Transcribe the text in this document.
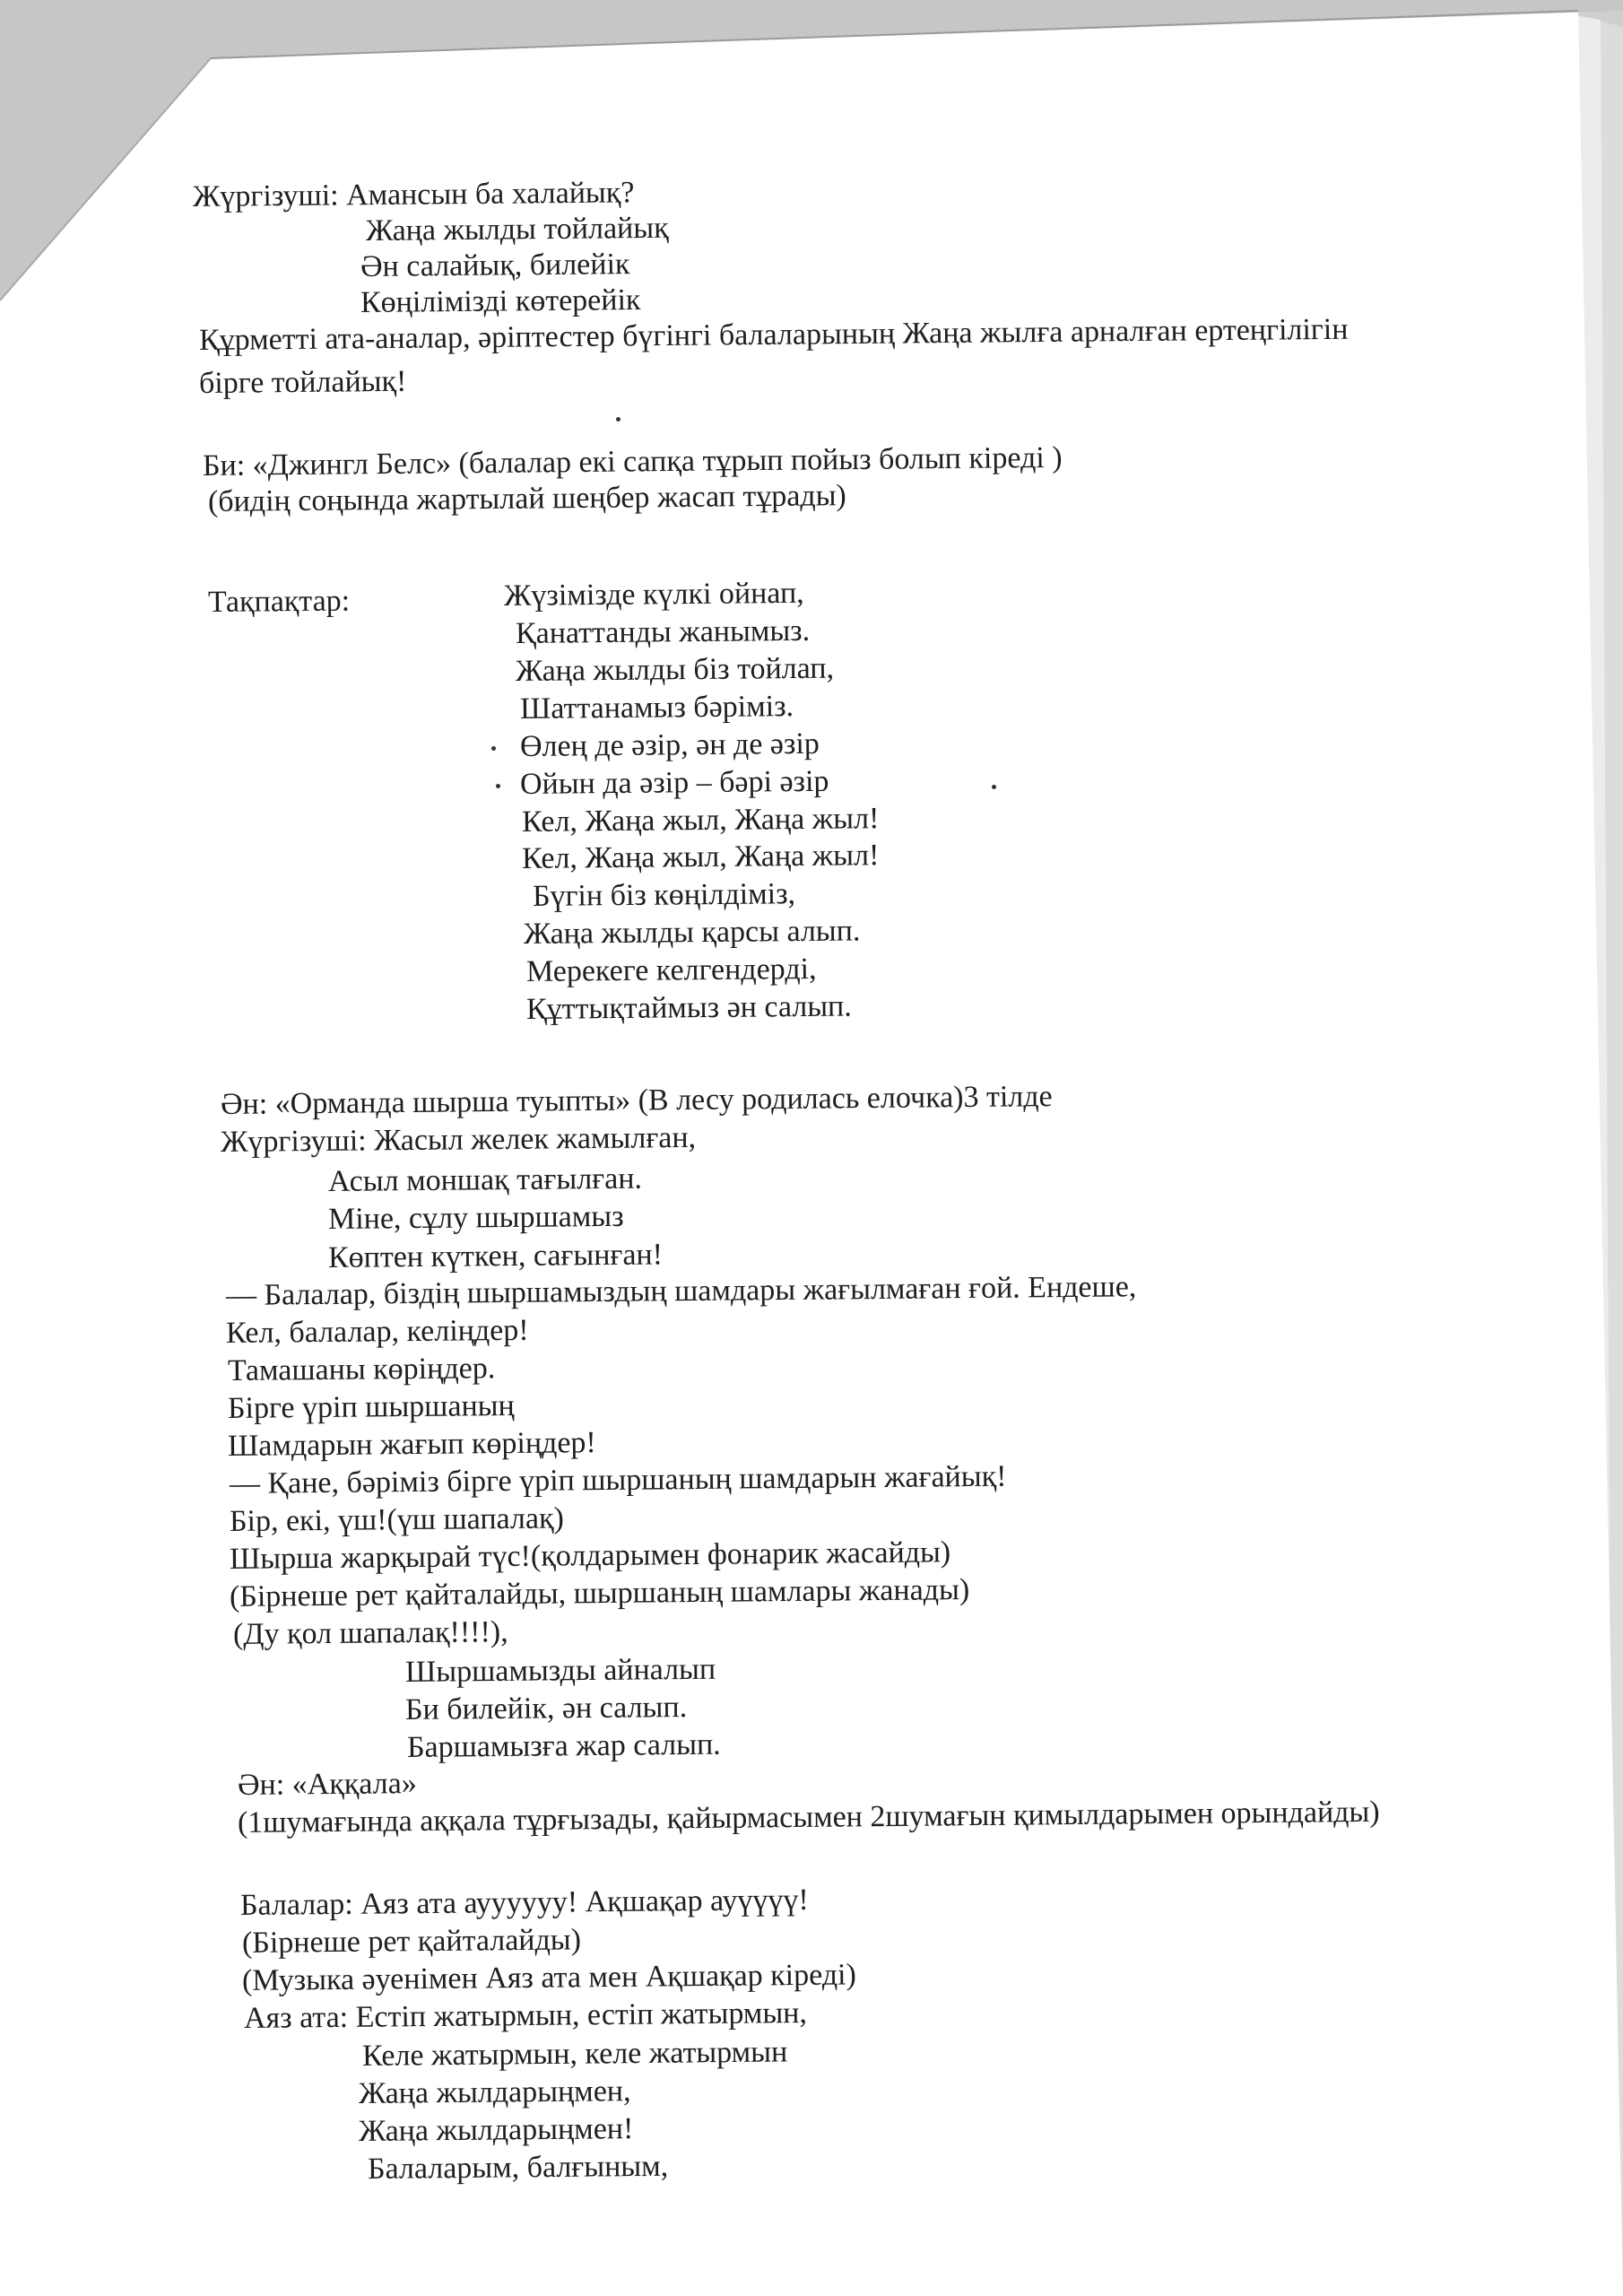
Жүргізуші: Амансын ба халайық?
Жаңа жылды тойлайық
Ән салайық, билейік
Көңілімізді көтерейік
Құрметті ата-аналар, әріптестер бүгінгі балаларының Жаңа жылға арналған ертеңгілігін
бірге тойлайық!
Би: «Джингл Белс» (балалар екі сапқа тұрып пойыз болып кіреді )
(бидің соңында жартылай шеңбер жасап тұрады)
Тақпақтар:	Жүзімізде күлкі ойнап,
Қанаттанды жанымыз.
Жаңа жылды біз тойлап,
Шаттанамыз бәріміз.
Өлең де әзір, ән де әзір
Ойын да әзір – бәрі әзір
Кел, Жаңа жыл, Жаңа жыл!
Кел, Жаңа жыл, Жаңа жыл!
Бүгін біз көңілдіміз,
Жаңа жылды қарсы алып.
Мерекеге келгендерді,
Құттықтаймыз ән салып.
Ән: «Орманда шырша туыпты» (В лесу родилась елочка)3 тілде
Жүргізуші: Жасыл желек жамылған,
Асыл моншақ тағылған.
Міне, сұлу шыршамыз
Көптен күткен, сағынған!
— Балалар, біздің шыршамыздың шамдары жағылмаған ғой. Ендеше,
Кел, балалар, келіңдер!
Тамашаны көріңдер.
Бірге үріп шыршаның
Шамдарын жағып көріңдер!
— Қане, бәріміз бірге үріп шыршаның шамдарын жағайық!
Бір, екі, үш!(үш шапалақ)
Шырша жарқырай түс!(қолдарымен фонарик жасайды)
(Бірнеше рет қайталайды, шыршаның шамлары жанады)
(Ду қол шапалақ!!!!),
Шыршамызды айналып
Би билейік, ән салып.
Баршамызға жар салып.
Ән: «Аққала»
(1шумағында аққала тұрғызады, қайырмасымен 2шумағын қимылдарымен орындайды)
Балалар: Аяз ата ауууууу! Ақшақар ауүүүү!
(Бірнеше рет қайталайды)
(Музыка әуенімен Аяз ата мен Ақшақар кіреді)
Аяз ата: Естіп жатырмын, естіп жатырмын,
Келе жатырмын, келе жатырмын
Жаңа жылдарыңмен,
Жаңа жылдарыңмен!
Балаларым, балғыным,
